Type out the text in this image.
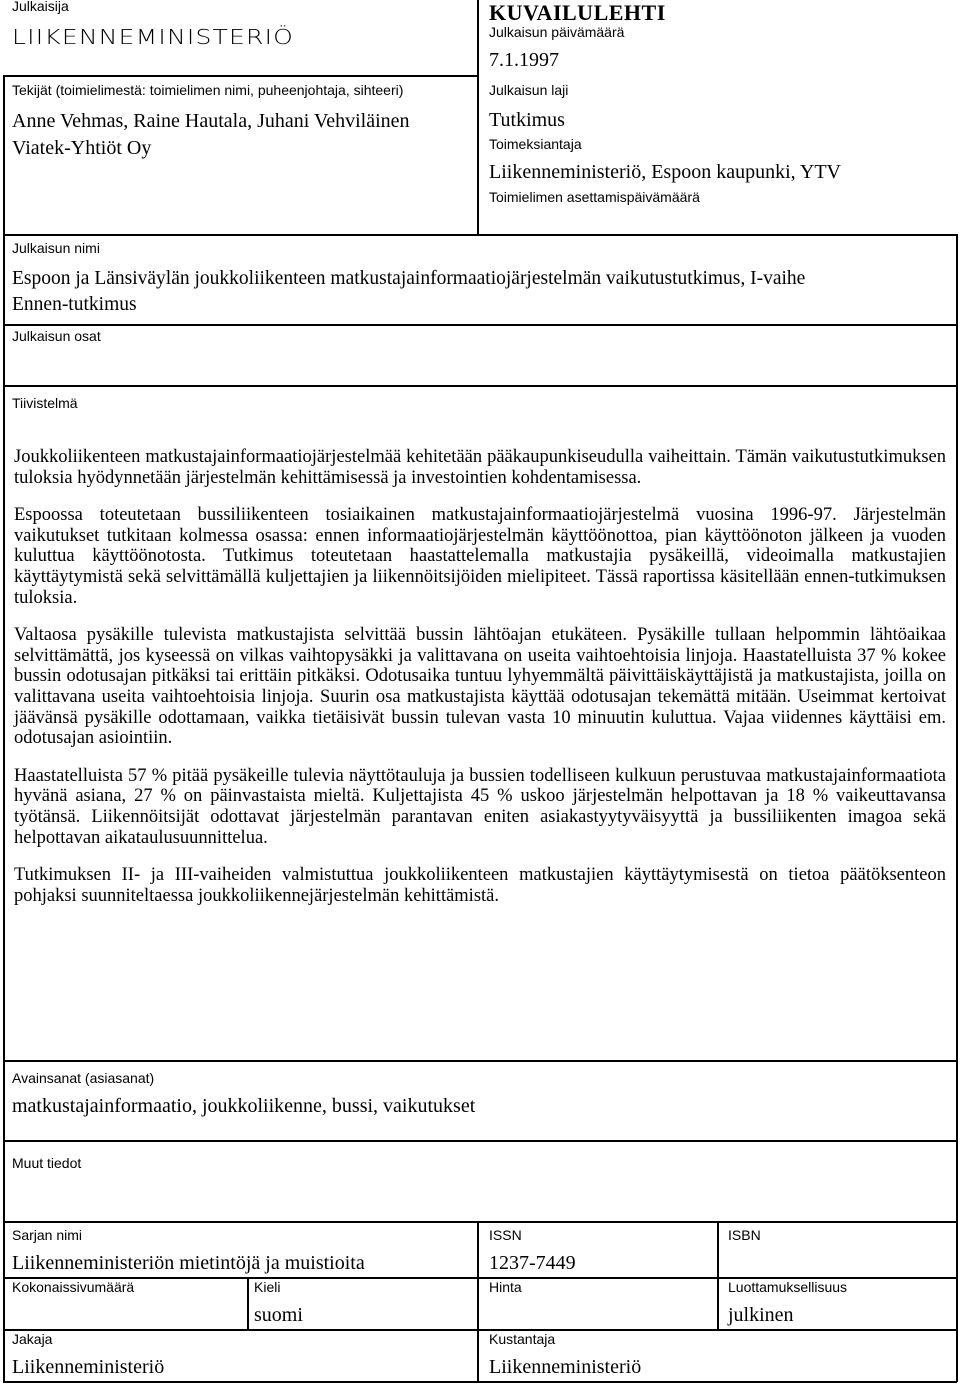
Julkaisija
LIIKENNEMINISTERIÖ
KUVAILULEHTI
Julkaisun päivämäärä
7.1.1997
Tekijät (toimielimestä: toimielimen nimi, puheenjohtaja, sihteeri)
Anne Vehmas, Raine Hautala, Juhani Vehviläinen
Viatek-Yhtiöt Oy
Julkaisun laji
Tutkimus
Toimeksiantaja
Liikenneministeriö, Espoon kaupunki, YTV
Toimielimen asettamispäivämäärä
Julkaisun nimi
Espoon ja Länsiväylän joukkoliikenteen matkustajainformaatiojärjestelmän vaikutustutkimus, I-vaihe
Ennen-tutkimus
Julkaisun osat
Tiivistelmä

Joukkoliikenteen matkustajainformaatiojärjestelmää kehitetään pääkaupunkiseudulla vaiheittain. Tämän vaikutustutkimuksen tuloksia hyödynnetään järjestelmän kehittämisessä ja investointien kohdentamisessa.

Espoossa toteutetaan bussiliikenteen tosiaikainen matkustajainformaatiojärjestelmä vuosina 1996-97. Järjestelmän vaikutukset tutkitaan kolmessa osassa: ennen informaatiojärjestelmän käyttöönottoa, pian käyttöönoton jälkeen ja vuoden kuluttua käyttöönotosta. Tutkimus toteutetaan haastattelemalla matkustajia pysäkeillä, videoimalla matkustajien käyttäytymistä sekä selvittämällä kuljettajien ja liikennöitsijöiden mielipiteet. Tässä raportissa käsitellään ennen-tutkimuksen tuloksia.

Valtaosa pysäkille tulevista matkustajista selvittää bussin lähtöajan etukäteen. Pysäkille tullaan helpommin lähtöaikaa selvittämättä, jos kyseessä on vilkas vaihtopysäkki ja valittavana on useita vaihtoehtoisia linjoja. Haastatelluista 37 % kokee bussin odotusajan pitkäksi tai erittäin pitkäksi. Odotusaika tuntuu lyhyemmältä päivittäiskäyttäjistä ja matkustajista, joilla on valittavana useita vaihtoehtoisia linjoja. Suurin osa matkustajista käyttää odotusajan tekemättä mitään. Useimmat kertoivat jäävänsä pysäkille odottamaan, vaikka tietäisivät bussin tulevan vasta 10 minuutin kuluttua. Vajaa viidennes käyttäisi em. odotusajan asiointiin.

Haastatelluista 57 % pitää pysäkeille tulevia näyttötauluja ja bussien todelliseen kulkuun perustuvaa matkustajainformaatiota hyvänä asiana, 27 % on päinvastaista mieltä. Kuljettajista 45 % uskoo järjestelmän helpottavan ja 18 % vaikeuttavansa työtänsä. Liikennöitsijät odottavat järjestelmän parantavan eniten asiakastyytyväisyyttä ja bussiliikenten imagoa sekä helpottavan aikataulusuunnittelua.

Tutkimuksen II- ja III-vaiheiden valmistuttua joukkoliikenteen matkustajien käyttäytymisestä on tietoa päätöksenteon pohjaksi suunniteltaessa joukkoliikennejärjestelmän kehittämistä.

Avainsanat (asiasanat)
matkustajainformaatio, joukkoliikenne, bussi, vaikutukset
Muut tiedot
Sarjan nimi
Liikenneministeriön mietintöjä ja muistioita
ISSN
1237-7449
ISBN
Kokonaissivumäärä	Kieli
suomi
Hinta	Luottamuksellisuus
julkinen
Jakaja
Liikenneministeriö
Kustantaja
Liikenneministeriö
